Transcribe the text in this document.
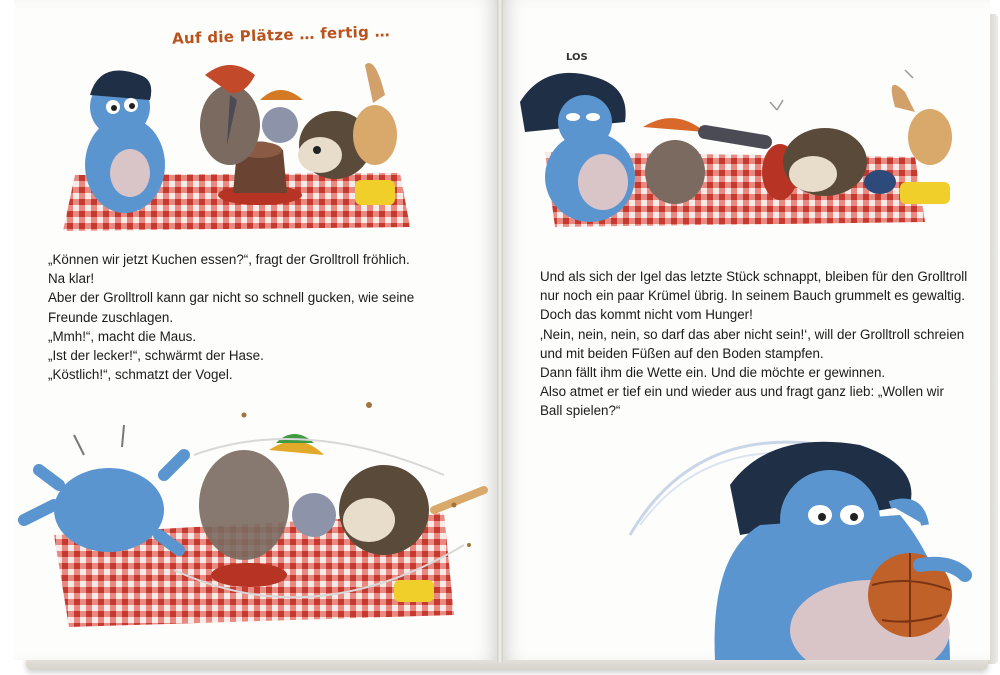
Auf die Plätze … fertig …

„Können wir jetzt Kuchen essen?“, fragt der Grolltroll fröhlich.

Na klar!

Aber der Grolltroll kann gar nicht so schnell gucken, wie seine

Freunde zuschlagen.

„Mmh!“, macht die Maus.

„Ist der lecker!“, schwärmt der Hase.

„Köstlich!“, schmatzt der Vogel.

LOS

Und als sich der Igel das letzte Stück schnappt, bleiben für den Grolltroll

nur noch ein paar Krümel übrig. In seinem Bauch grummelt es gewaltig.

Doch das kommt nicht vom Hunger!

‚Nein, nein, nein, so darf das aber nicht sein!‘, will der Grolltroll schreien

und mit beiden Füßen auf den Boden stampfen.

Dann fällt ihm die Wette ein. Und die möchte er gewinnen.

Also atmet er tief ein und wieder aus und fragt ganz lieb: „Wollen wir

Ball spielen?“
